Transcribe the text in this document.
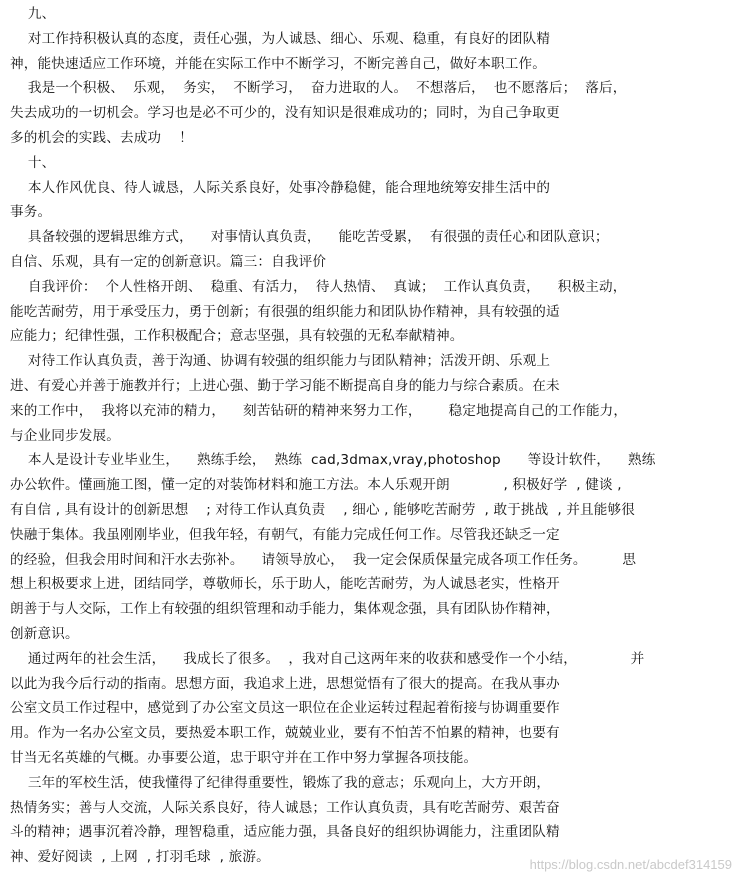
九、
对工作持积极认真的态度，责任心强，为人诚恳、细心、乐观、稳重，有良好的团队精
神，能快速适应工作环境，并能在实际工作中不断学习，不断完善自己，做好本职工作。
我是一个积极、  乐观，  务实，  不断学习，  奋力进取的人。  不想落后，  也不愿落后；  落后，
失去成功的一切机会。学习也是必不可少的，没有知识是很难成功的；同时，为自己争取更
多的机会的实践、去成功    ！
十、
本人作风优良、待人诚恳，人际关系良好，处事冷静稳健，能合理地统筹安排生活中的
事务。
具备较强的逻辑思维方式，    对事情认真负责，    能吃苦受累，  有很强的责任心和团队意识；
自信、乐观，具有一定的创新意识。篇三：自我评价
自我评价：  个人性格开朗、  稳重、有活力，  待人热情、  真诚；  工作认真负责，    积极主动，
能吃苦耐劳，用于承受压力，勇于创新；有很强的组织能力和团队协作精神，具有较强的适
应能力；纪律性强，工作积极配合；意志坚强，具有较强的无私奉献精神。
对待工作认真负责，善于沟通、协调有较强的组织能力与团队精神；活泼开朗、乐观上
进、有爱心并善于施教并行；上进心强、勤于学习能不断提高自身的能力与综合素质。在未
来的工作中，  我将以充沛的精力，    刻苦钻研的精神来努力工作，      稳定地提高自己的工作能力，
与企业同步发展。
本人是设计专业毕业生，    熟练手绘，  熟练  cad,3dmax,vray,photoshop      等设计软件，    熟练
办公软件。懂画施工图，懂一定的对装饰材料和施工方法。本人乐观开朗            , 积极好学  , 健谈 ,
有自信 , 具有设计的创新思想    ; 对待工作认真负责    , 细心 , 能够吃苦耐劳  , 敢于挑战  , 并且能够很
快融于集体。我虽刚刚毕业，但我年轻，有朝气，有能力完成任何工作。尽管我还缺乏一定
的经验，但我会用时间和汗水去弥补。    请领导放心，  我一定会保质保量完成各项工作任务。        思
想上积极要求上进，团结同学，尊敬师长，乐于助人，能吃苦耐劳，为人诚恳老实，性格开
朗善于与人交际，工作上有较强的组织管理和动手能力，集体观念强，具有团队协作精神，
创新意识。
通过两年的社会生活，    我成长了很多。  ，我对自己这两年来的收获和感受作一个小结，            并
以此为我今后行动的指南。思想方面，我追求上进，思想觉悟有了很大的提高。在我从事办
公室文员工作过程中，感觉到了办公室文员这一职位在企业运转过程起着衔接与协调重要作
用。作为一名办公室文员，要热爱本职工作，兢兢业业，要有不怕苦不怕累的精神，也要有
甘当无名英雄的气概。办事要公道，忠于职守并在工作中努力掌握各项技能。
三年的军校生活，使我懂得了纪律得重要性，锻炼了我的意志；乐观向上，大方开朗，
热情务实；善与人交流，人际关系良好，待人诚恳；工作认真负责，具有吃苦耐劳、艰苦奋
斗的精神；遇事沉着冷静，理智稳重，适应能力强，具备良好的组织协调能力，注重团队精
神、爱好阅读  , 上网  , 打羽毛球  , 旅游。	https://blog.csdn.net/abcdef314159
